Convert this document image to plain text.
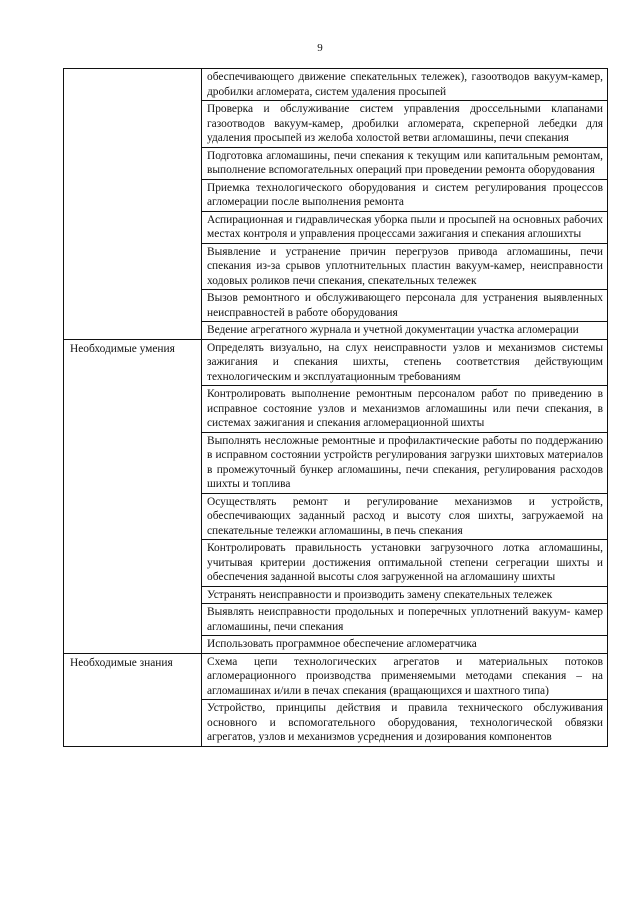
9
	обеспечивающего движение спекательных тележек), газоотводов вакуум-камер, дробилки агломерата, систем удаления просыпей
	Проверка и обслуживание систем управления дроссельными клапанами газоотводов вакуум-камер, дробилки агломерата, скреперной лебедки для удаления просыпей из желоба холостой ветви агломашины, печи спекания
	Подготовка агломашины, печи спекания к текущим или капитальным ремонтам, выполнение вспомогательных операций при проведении ремонта оборудования
	Приемка технологического оборудования и систем регулирования процессов агломерации после выполнения ремонта
	Аспирационная и гидравлическая уборка пыли и просыпей на основных рабочих местах контроля и управления процессами зажигания и спекания аглошихты
	Выявление и устранение причин перегрузов привода агломашины, печи спекания из-за срывов уплотнительных пластин вакуум-камер, неисправности ходовых роликов печи спекания, спекательных тележек
	Вызов ремонтного и обслуживающего персонала для устранения выявленных неисправностей в работе оборудования
	Ведение агрегатного журнала и учетной документации участка агломерации
Необходимые умения	Определять визуально, на слух неисправности узлов и механизмов системы зажигания и спекания шихты, степень соответствия действующим технологическим и эксплуатационным требованиям
	Контролировать выполнение ремонтным персоналом работ по приведению в исправное состояние узлов и механизмов агломашины или печи спекания, в системах зажигания и спекания агломерационной шихты
	Выполнять несложные ремонтные и профилактические работы по поддержанию в исправном состоянии устройств регулирования загрузки шихтовых материалов в промежуточный бункер агломашины, печи спекания, регулирования расходов шихты и топлива
	Осуществлять ремонт и регулирование механизмов и устройств, обеспечивающих заданный расход и высоту слоя шихты, загружаемой на спекательные тележки агломашины, в печь спекания
	Контролировать правильность установки загрузочного лотка агломашины, учитывая критерии достижения оптимальной степени сегрегации шихты и обеспечения заданной высоты слоя загруженной на агломашину шихты
	Устранять неисправности и производить замену спекательных тележек
	Выявлять неисправности продольных и поперечных уплотнений вакуум- камер агломашины, печи спекания
	Использовать программное обеспечение агломератчика
Необходимые знания	Схема цепи технологических агрегатов и материальных потоков агломерационного производства применяемыми методами спекания – на агломашинах и/или в печах спекания (вращающихся и шахтного типа)
	Устройство, принципы действия и правила технического обслуживания основного и вспомогательного оборудования, технологической обвязки агрегатов, узлов и механизмов усреднения и дозирования компонентов
